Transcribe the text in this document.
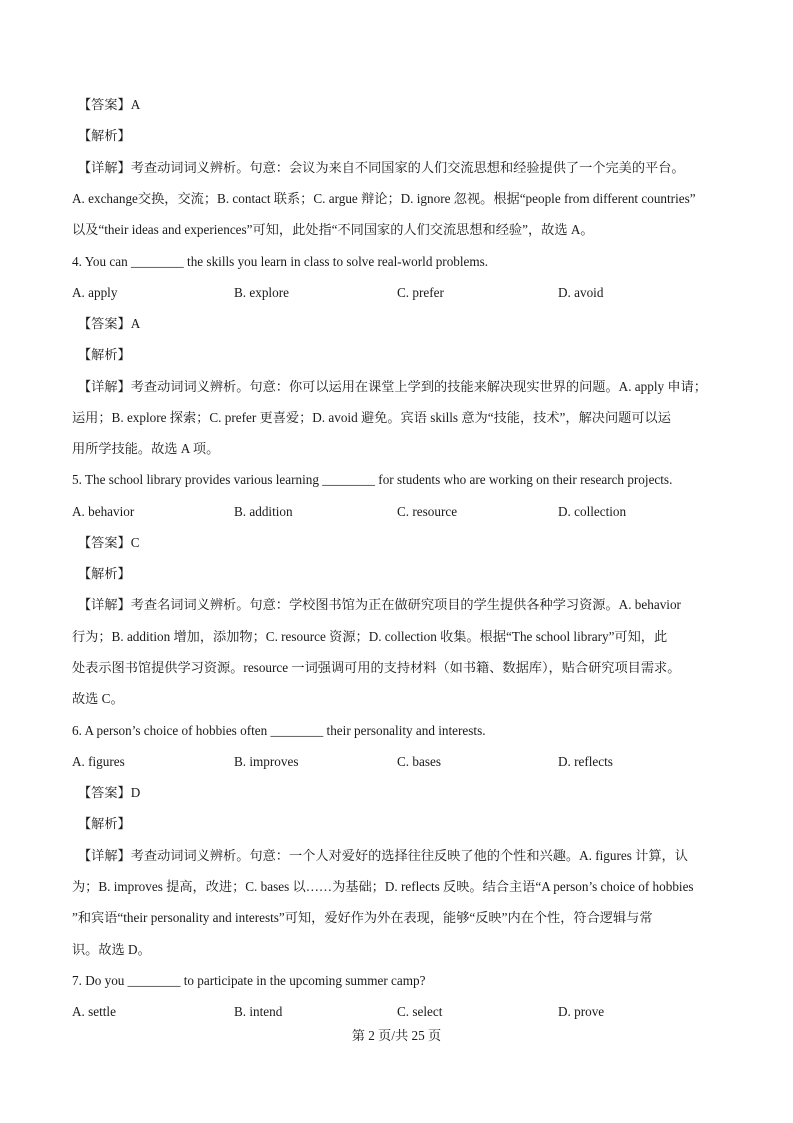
【答案】A
【解析】
【详解】考查动词词义辨析。句意：会议为来自不同国家的人们交流思想和经验提供了一个完美的平台。
A. exchange交换，交流；B. contact 联系；C. argue 辩论；D. ignore 忽视。根据“people from different countries”
以及“their ideas and experiences”可知，此处指“不同国家的人们交流思想和经验”，故选 A。
4. You can ________ the skills you learn in class to solve real-world problems.
A. apply	B. explore	C. prefer	D. avoid
【答案】A
【解析】
【详解】考查动词词义辨析。句意：你可以运用在课堂上学到的技能来解决现实世界的问题。A. apply 申请；
运用；B. explore 探索；C. prefer 更喜爱；D. avoid 避免。宾语 skills 意为“技能，技术”，解决问题可以运
用所学技能。故选 A 项。
5. The school library provides various learning ________ for students who are working on their research projects.
A. behavior	B. addition	C. resource	D. collection
【答案】C
【解析】
【详解】考查名词词义辨析。句意：学校图书馆为正在做研究项目的学生提供各种学习资源。A. behavior
行为；B. addition 增加，添加物；C. resource 资源；D. collection 收集。根据“The school library”可知，此
处表示图书馆提供学习资源。resource 一词强调可用的支持材料（如书籍、数据库），贴合研究项目需求。
故选 C。
6. A person’s choice of hobbies often ________ their personality and interests.
A. figures	B. improves	C. bases	D. reflects
【答案】D
【解析】
【详解】考查动词词义辨析。句意：一个人对爱好的选择往往反映了他的个性和兴趣。A. figures 计算，认
为；B. improves 提高，改进；C. bases 以……为基础；D. reflects 反映。结合主语“A person’s choice of hobbies
”和宾语“their personality and interests”可知，爱好作为外在表现，能够“反映”内在个性，符合逻辑与常
识。故选 D。
7. Do you ________ to participate in the upcoming summer camp?
A. settle	B. intend	C. select	D. prove
第 2 页/共 25 页
